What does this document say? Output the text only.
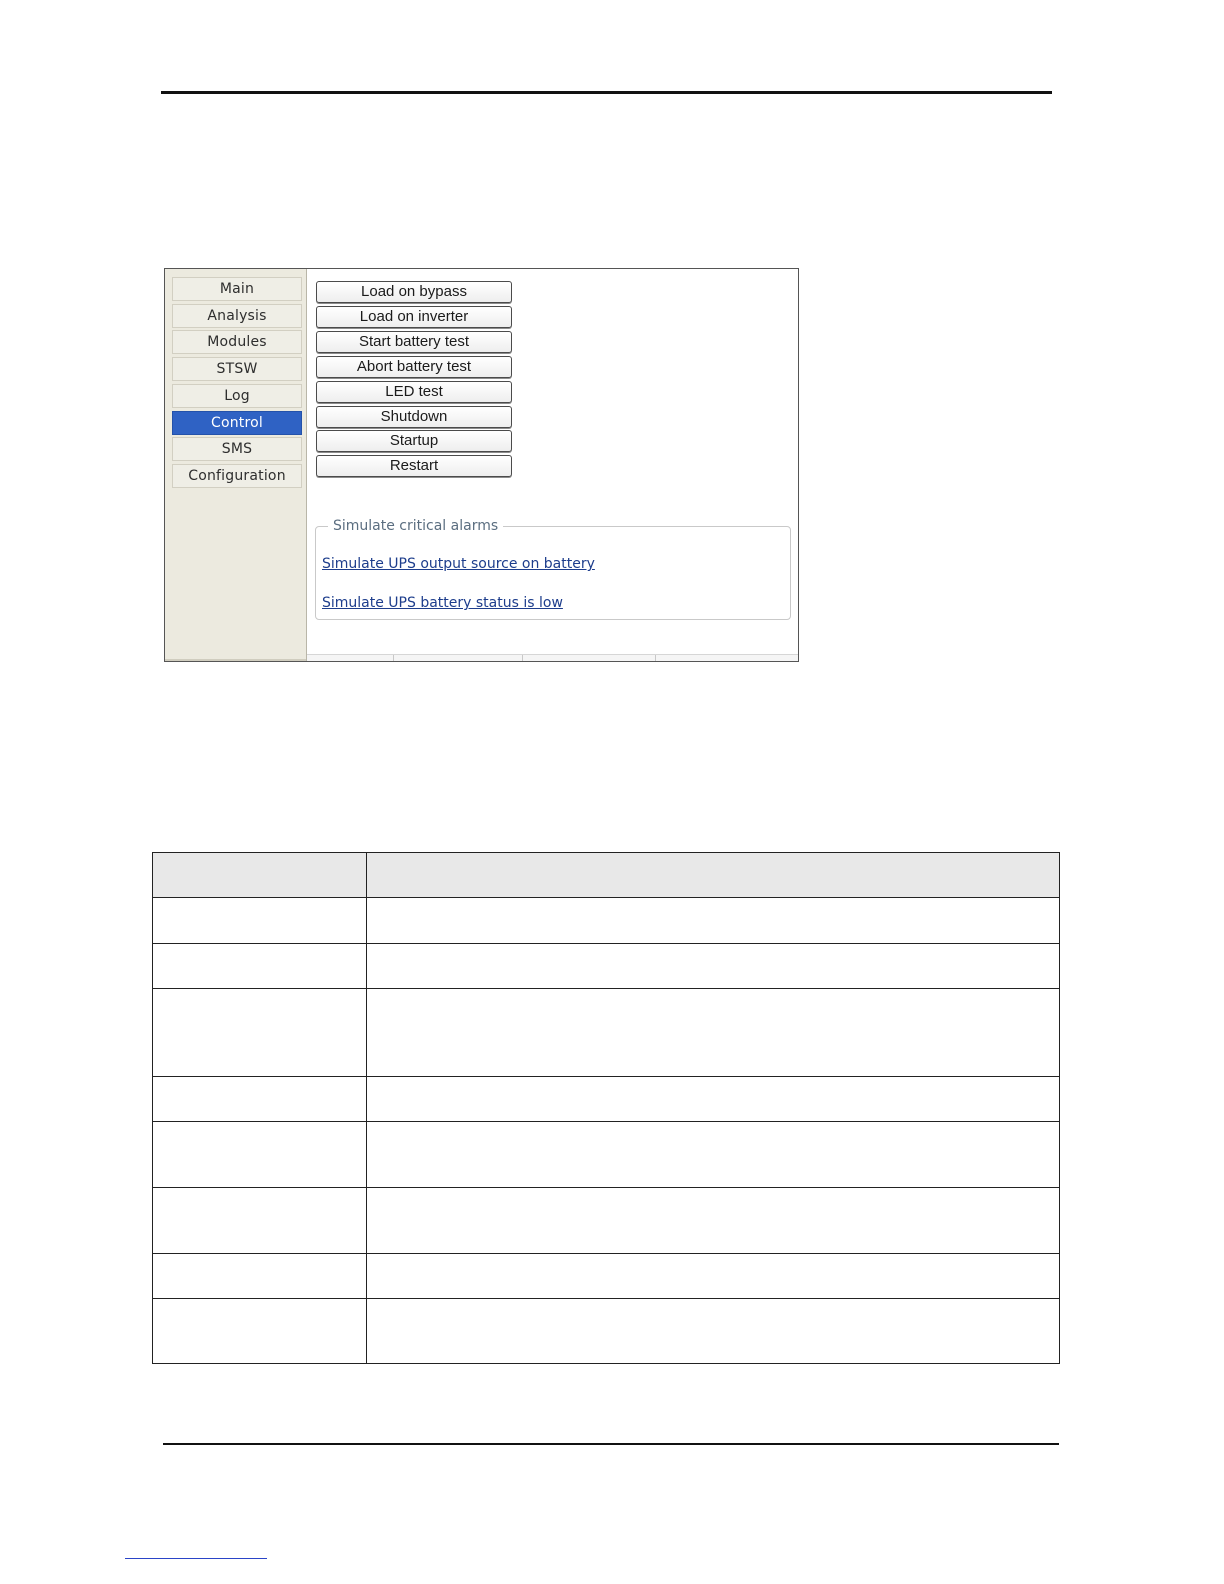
Main
Analysis
Modules
STSW
Log
Control
SMS
Configuration
Load on bypass
Load on inverter
Start battery test
Abort battery test
LED test
Shutdown
Startup
Restart
Simulate critical alarms
Simulate UPS output source on battery
Simulate UPS battery status is low
